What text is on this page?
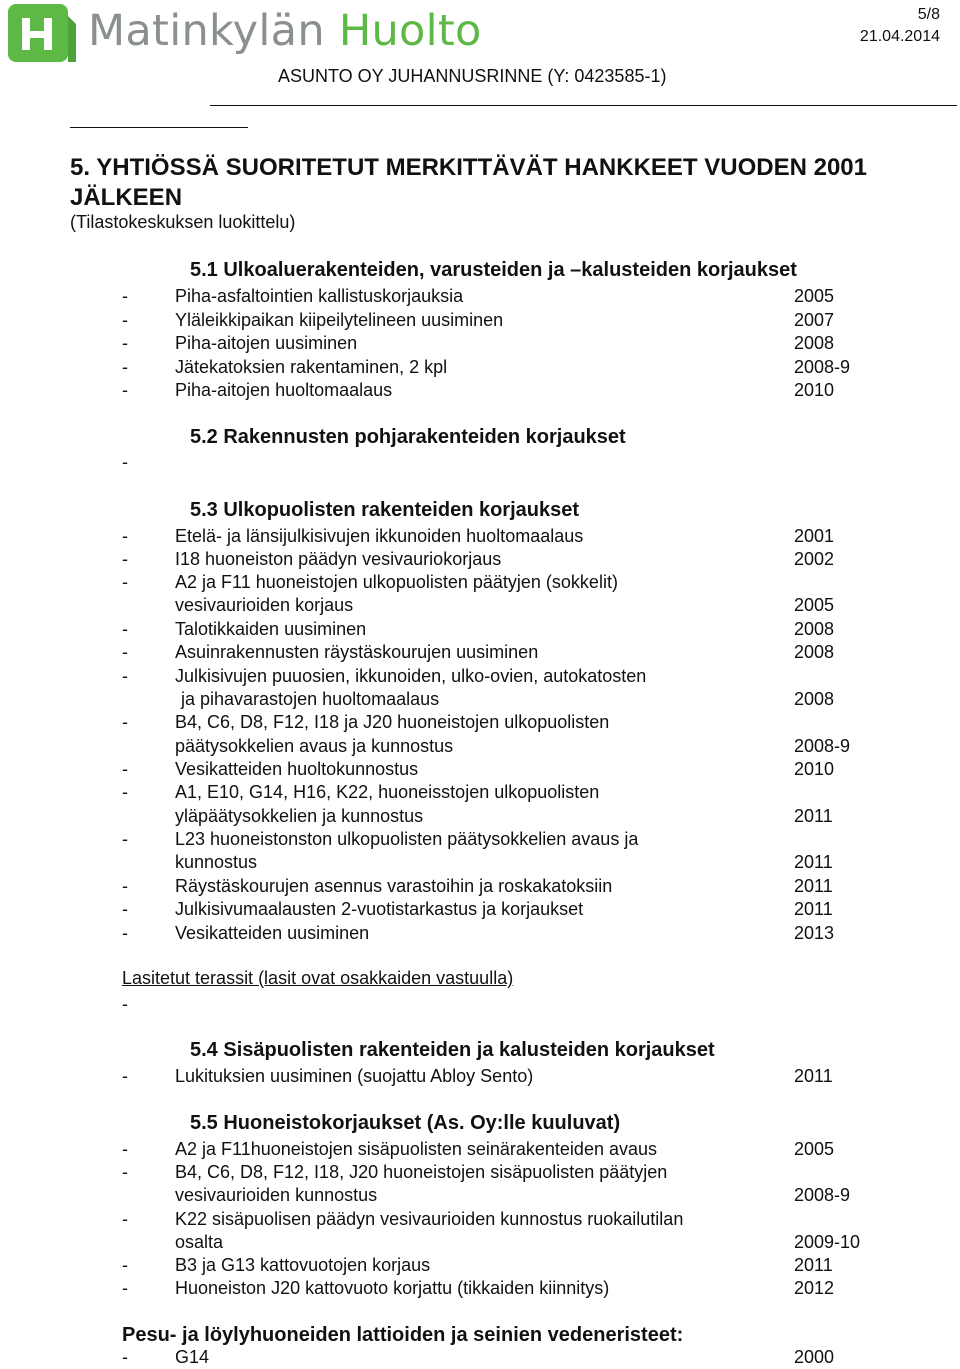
Matinkylän Huolto	5/8
21.04.2014
ASUNTO OY JUHANNUSRINNE (Y: 0423585-1)
5. YHTIÖSSÄ SUORITETUT MERKITTÄVÄT HANKKEET VUODEN 2001 JÄLKEEN
(Tilastokeskuksen luokittelu)
5.1 Ulkoaluerakenteiden, varusteiden ja –kalusteiden korjaukset
-	Piha-asfaltointien kallistuskorjauksia	2005
-	Yläleikkipaikan kiipeilytelineen uusiminen	2007
-	Piha-aitojen uusiminen	2008
-	Jätekatoksien rakentaminen, 2 kpl	2008-9
-	Piha-aitojen huoltomaalaus	2010
5.2 Rakennusten pohjarakenteiden korjaukset
-
5.3 Ulkopuolisten rakenteiden korjaukset
-	Etelä- ja länsijulkisivujen ikkunoiden huoltomaalaus	2001
-	I18 huoneiston päädyn vesivauriokorjaus	2002
-	A2 ja F11 huoneistojen ulkopuolisten päätyjen (sokkelit)
vesivaurioiden korjaus	2005
-	Talotikkaiden uusiminen	2008
-	Asuinrakennusten räystäskourujen uusiminen	2008
-	Julkisivujen puuosien, ikkunoiden, ulko-ovien, autokatosten
ja pihavarastojen huoltomaalaus	2008
-	B4, C6, D8, F12, I18 ja J20 huoneistojen ulkopuolisten
päätysokkelien avaus ja kunnostus	2008-9
-	Vesikatteiden huoltokunnostus	2010
-	A1, E10, G14, H16, K22, huoneisstojen ulkopuolisten
yläpäätysokkelien ja kunnostus	2011
-	L23 huoneistonston ulkopuolisten päätysokkelien avaus ja
kunnostus	2011
-	Räystäskourujen asennus varastoihin ja roskakatoksiin	2011
-	Julkisivumaalausten 2-vuotistarkastus ja korjaukset	2011
-	Vesikatteiden uusiminen	2013
Lasitetut terassit (lasit ovat osakkaiden vastuulla)
-
5.4 Sisäpuolisten rakenteiden ja kalusteiden korjaukset
-	Lukituksien uusiminen (suojattu Abloy Sento)	2011
5.5 Huoneistokorjaukset (As. Oy:lle kuuluvat)
-	A2 ja F11huoneistojen sisäpuolisten seinärakenteiden avaus	2005
-	B4, C6, D8, F12, I18, J20 huoneistojen sisäpuolisten päätyjen
vesivaurioiden kunnostus	2008-9
-	K22 sisäpuolisen päädyn vesivaurioiden kunnostus ruokailutilan
osalta	2009-10
-	B3 ja G13 kattovuotojen korjaus	2011
-	Huoneiston J20 kattovuoto korjattu (tikkaiden kiinnitys)	2012
Pesu- ja löylyhuoneiden lattioiden ja seinien vedeneristeet:
-	G14	2000
